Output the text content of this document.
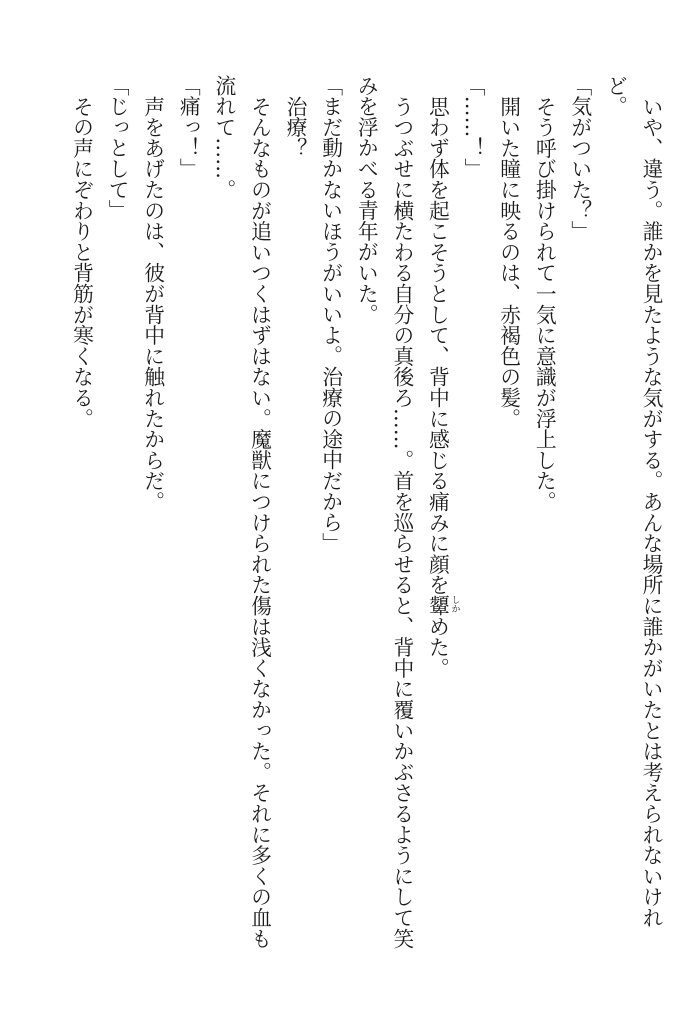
いや、違う。誰かを見たような気がする。あんな場所に誰かがいたとは考えられないけれ

ど。

「気がついた？」

そう呼び掛けられて一気に意識が浮上した。

開いた瞳に映るのは、赤褐色の髪。

「……！」

思わず体を起こそうとして、背中に感じる痛みに顔を顰 しか
めた。

うつぶせに横たわる自分の真後ろ……。首を巡らせると、背中に覆いかぶさるようにして笑

みを浮かべる青年がいた。

「まだ動かないほうがいいよ。治療の途中だから」

治療？

そんなものが追いつくはずはない。魔獣につけられた傷は浅くなかった。それに多くの血も

流れて……。

「痛っ！」

声をあげたのは、彼が背中に触れたからだ。

「じっとして」

その声にぞわりと背筋が寒くなる。
